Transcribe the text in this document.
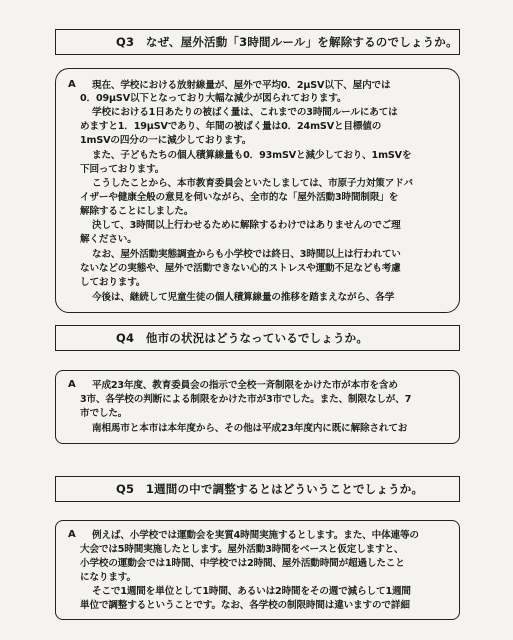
Q3　なぜ、屋外活動「3時間ルール」を解除するのでしょうか。
A 現在、学校における放射線量が、屋外で平均0．2μSV以下、屋内では
0．09μSV以下となっており大幅な減少が図られております。
学校における1日あたりの被ばく量は、これまでの3時間ルールにあては
めますと1．19μSVであり、年間の被ばく量は0．24mSVと目標値の
1mSVの四分の一に減少しております。
また、子どもたちの個人積算線量も0．93mSVと減少しており、1mSVを
下回っております。
こうしたことから、本市教育委員会といたしましては、市原子力対策アドバ
イザーや健康全般の意見を伺いながら、全市的な「屋外活動3時間制限」を
解除することにしました。
決して、3時間以上行わせるために解除するわけではありませんのでご理
解ください。
なお、屋外活動実態調査からも小学校では終日、3時間以上は行われてい
ないなどの実態や、屋外で活動できない心的ストレスや運動不足なども考慮
しております。
今後は、継続して児童生徒の個人積算線量の推移を踏まえながら、各学
Q4　他市の状況はどうなっているでしょうか。
A 平成23年度、教育委員会の指示で全校一斉制限をかけた市が本市を含め
3市、各学校の判断による制限をかけた市が3市でした。また、制限なしが、7
市でした。
南相馬市と本市は本年度から、その他は平成23年度内に既に解除されてお
Q5　1週間の中で調整するとはどういうことでしょうか。
A 例えば、小学校では運動会を実質4時間実施するとします。また、中体連等の
大会では5時間実施したとします。屋外活動3時間をベースと仮定しますと、
小学校の運動会では1時間、中学校では2時間、屋外活動時間が超過したこと
になります。
そこで1週間を単位として1時間、あるいは2時間をその週で減らして1週間
単位で調整するということです。なお、各学校の制限時間は違いますので詳細
